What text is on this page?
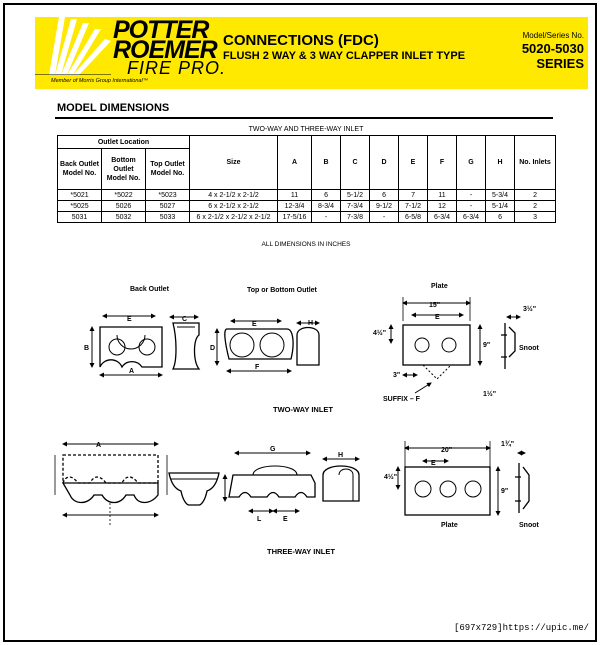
POTTER
ROEMER
FIRE PRO.
Member of Morris Group International™
CONNECTIONS (FDC)
FLUSH 2 WAY & 3 WAY CLAPPER INLET TYPE
Model/Series No.
5020-5030
SERIES
MODEL DIMENSIONS
TWO-WAY AND THREE-WAY INLET
Outlet Location			Size	A	B	C	D	E	F	G	H	No. Inlets
Back Outlet Model No.	Bottom Outlet Model No.	Top Outlet Model No.										
*5021	*5022	*5023	4 x 2-1/2 x 2-1/2	11	6	5-1/2	6	7	11	-	5-3/4	2
*5025	5026	5027	6 x 2-1/2 x 2-1/2	12-3/4	8-3/4	7-3/4	9-1/2	7-1/2	12	-	5-1/4	2
5031	5032	5033	6 x 2-1/2 x 2-1/2 x 2-1/2	17-5/16	-	7-3/8	-	6-5/8	6-3/4	6-3/4	6	3
ALL DIMENSIONS IN INCHES
Back Outlet
E
B
A
C
Top or Bottom Outlet
E
D
F
H
TWO-WAY INLET
Plate
15"
E
4½"
9"
3"
SUFFIX – F
1½"
3½"
Snoot
A
G
L	E
H
THREE-WAY INLET
20"
E
4½"
9"
Plate
1¾"
Snoot
[697x729]https://upic.me/
